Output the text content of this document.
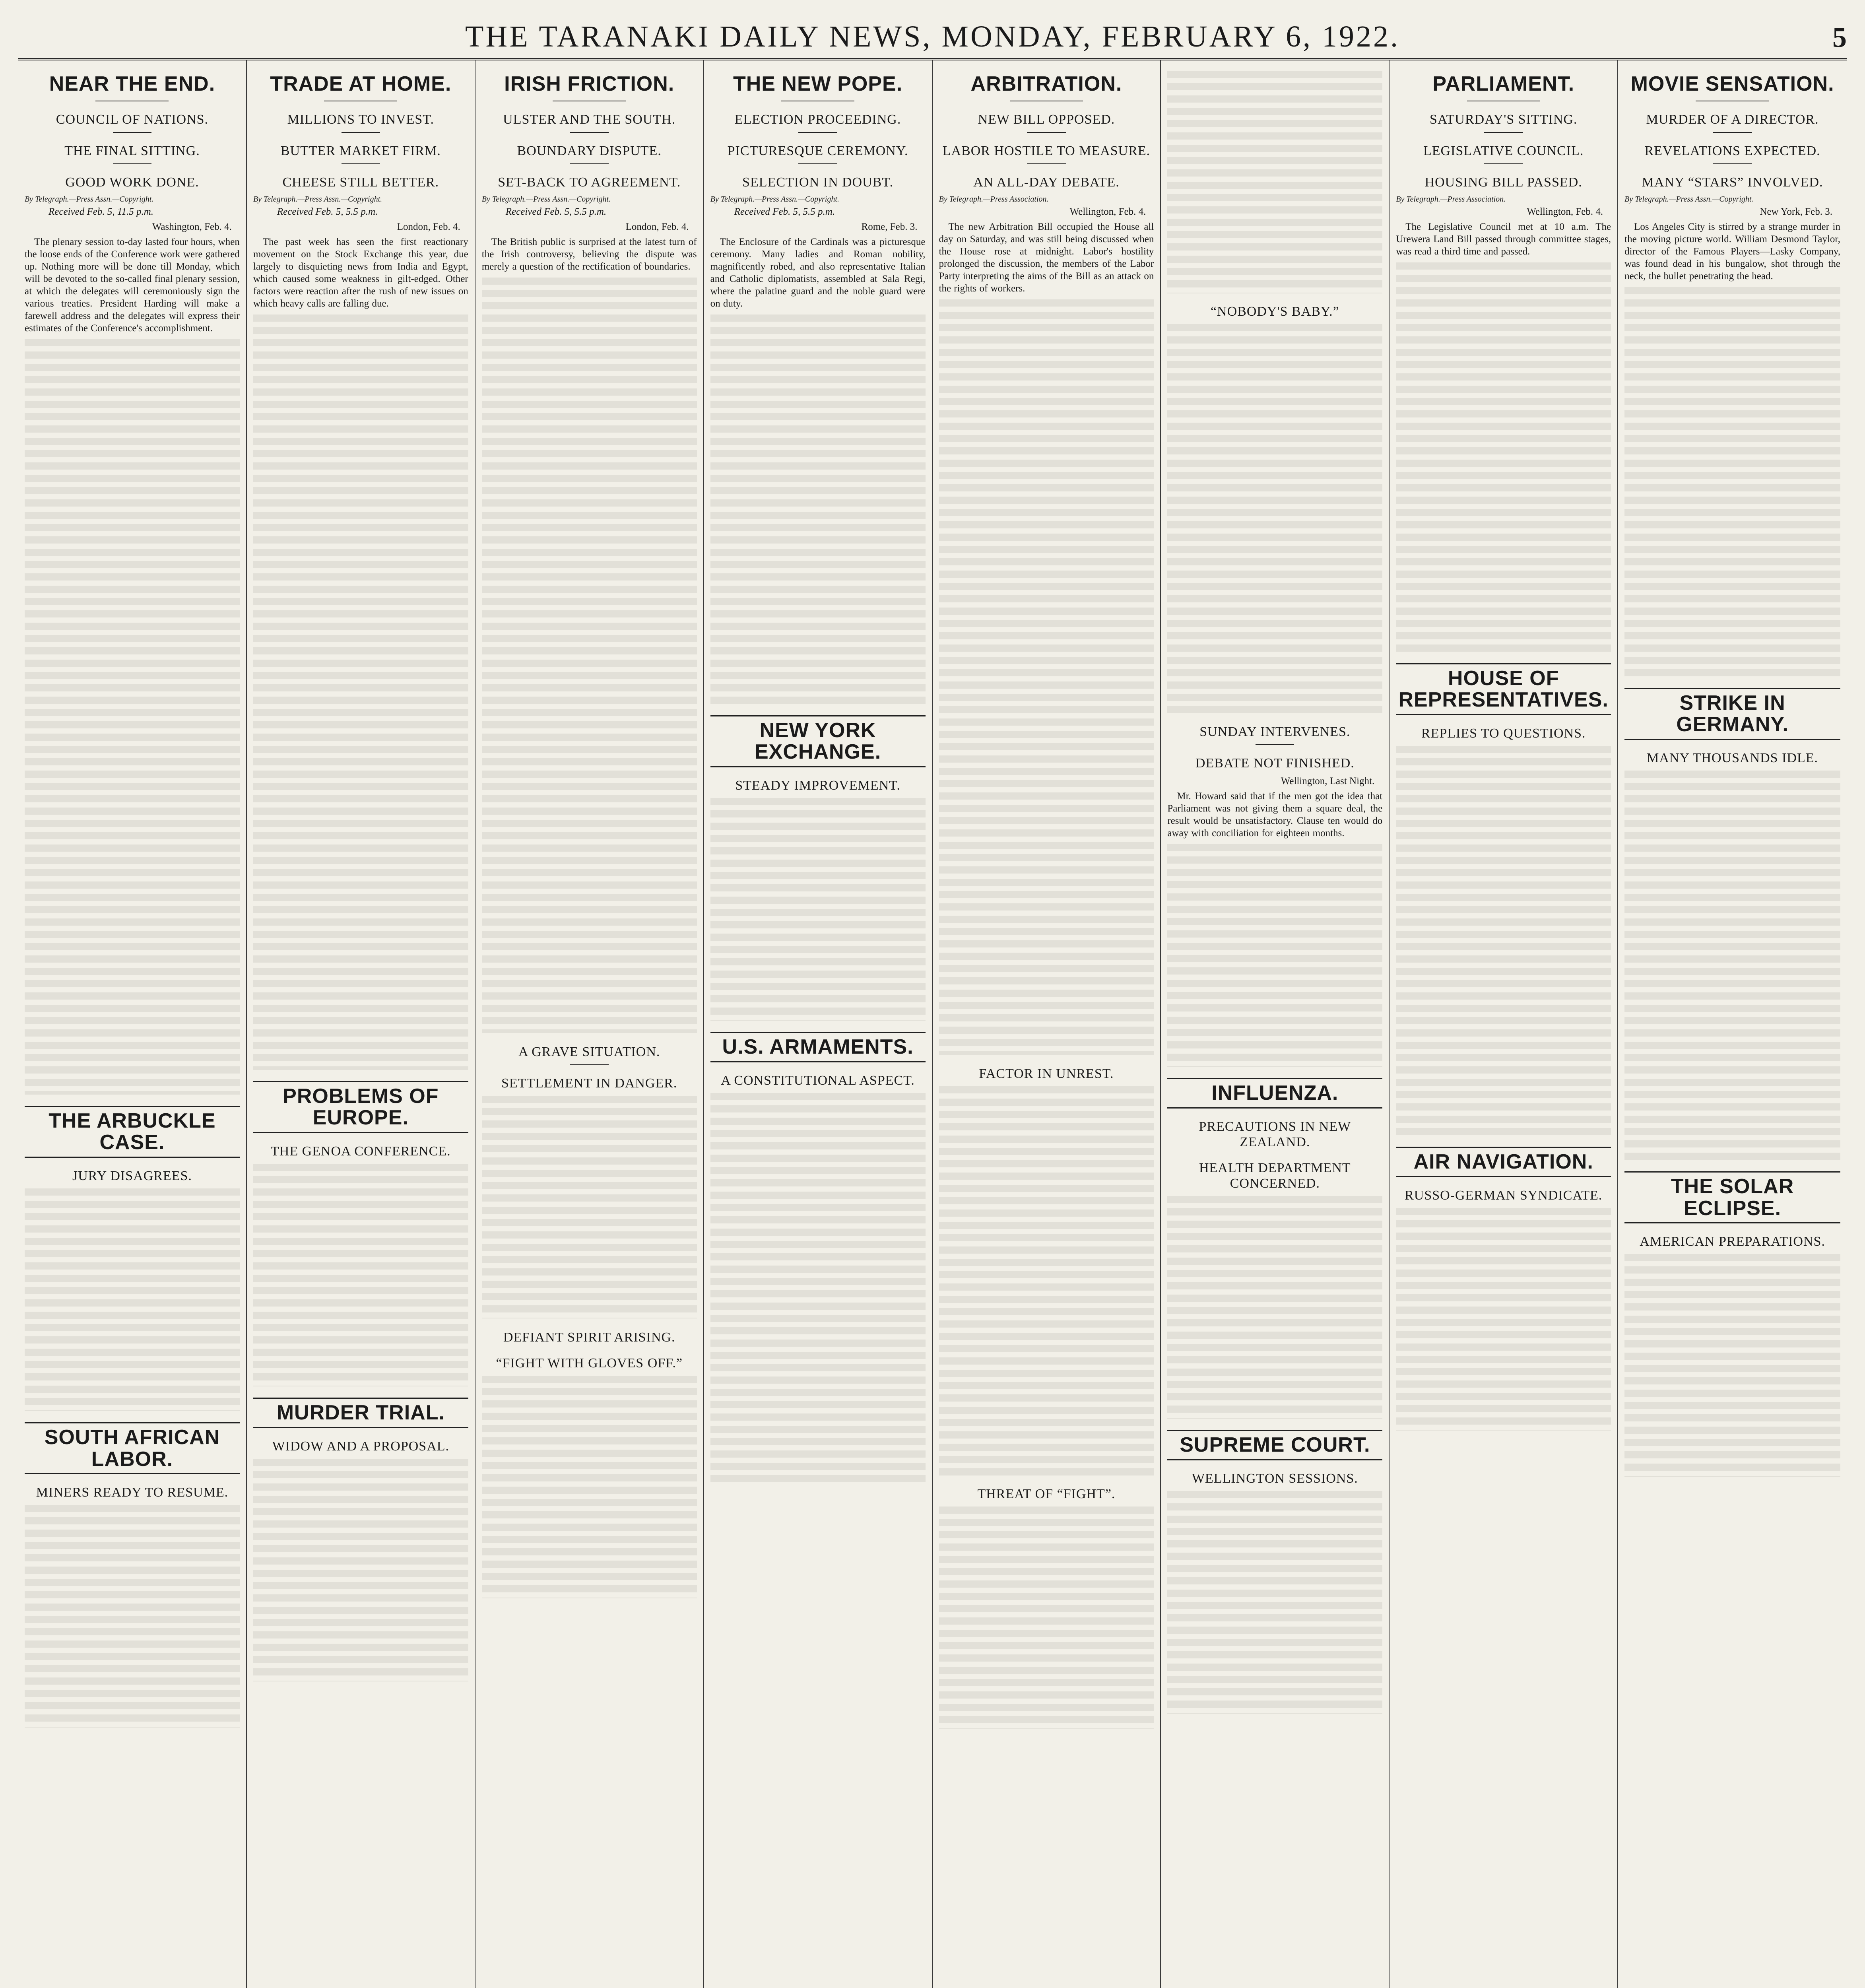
THE TARANAKI DAILY NEWS, MONDAY, FEBRUARY 6, 1922.	5
NEAR THE END.
COUNCIL OF NATIONS.
THE FINAL SITTING.
GOOD WORK DONE.
By Telegraph.—Press Assn.—Copyright.
Received Feb. 5, 11.5 p.m.
Washington, Feb. 4.

The plenary session to-day lasted four hours, when the loose ends of the Conference work were gathered up. Nothing more will be done till Monday, which will be devoted to the so-called final plenary session, at which the delegates will ceremoniously sign the various treaties. President Harding will make a farewell address and the delegates will express their estimates of the Conference's accomplishment.

THE ARBUCKLE CASE.
JURY DISAGREES.
SOUTH AFRICAN LABOR.
MINERS READY TO RESUME.
TRADE AT HOME.
MILLIONS TO INVEST.
BUTTER MARKET FIRM.
CHEESE STILL BETTER.
By Telegraph.—Press Assn.—Copyright.
Received Feb. 5, 5.5 p.m.
London, Feb. 4.

The past week has seen the first reactionary movement on the Stock Exchange this year, due largely to disquieting news from India and Egypt, which caused some weakness in gilt-edged. Other factors were reaction after the rush of new issues on which heavy calls are falling due.

PROBLEMS OF EUROPE.
THE GENOA CONFERENCE.
MURDER TRIAL.
WIDOW AND A PROPOSAL.
IRISH FRICTION.
ULSTER AND THE SOUTH.
BOUNDARY DISPUTE.
SET-BACK TO AGREEMENT.
By Telegraph.—Press Assn.—Copyright.
Received Feb. 5, 5.5 p.m.
London, Feb. 4.

The British public is surprised at the latest turn of the Irish controversy, believing the dispute was merely a question of the rectification of boundaries.

A GRAVE SITUATION.
SETTLEMENT IN DANGER.
DEFIANT SPIRIT ARISING.
“FIGHT WITH GLOVES OFF.”
THE NEW POPE.
ELECTION PROCEEDING.
PICTURESQUE CEREMONY.
SELECTION IN DOUBT.
By Telegraph.—Press Assn.—Copyright.
Received Feb. 5, 5.5 p.m.
Rome, Feb. 3.

The Enclosure of the Cardinals was a picturesque ceremony. Many ladies and Roman nobility, magnificently robed, and also representative Italian and Catholic diplomatists, assembled at Sala Regi, where the palatine guard and the noble guard were on duty.

NEW YORK EXCHANGE.
STEADY IMPROVEMENT.
U.S. ARMAMENTS.
A CONSTITUTIONAL ASPECT.
ARBITRATION.
NEW BILL OPPOSED.
LABOR HOSTILE TO MEASURE.
AN ALL-DAY DEBATE.
By Telegraph.—Press Association.
Wellington, Feb. 4.

The new Arbitration Bill occupied the House all day on Saturday, and was still being discussed when the House rose at midnight. Labor's hostility prolonged the discussion, the members of the Labor Party interpreting the aims of the Bill as an attack on the rights of workers.

FACTOR IN UNREST.
THREAT OF “FIGHT”.
“NOBODY'S BABY.”
SUNDAY INTERVENES.
DEBATE NOT FINISHED.
Wellington, Last Night.

Mr. Howard said that if the men got the idea that Parliament was not giving them a square deal, the result would be unsatisfactory. Clause ten would do away with conciliation for eighteen months.

INFLUENZA.
PRECAUTIONS IN NEW ZEALAND.
HEALTH DEPARTMENT CONCERNED.
SUPREME COURT.
WELLINGTON SESSIONS.
PARLIAMENT.
SATURDAY'S SITTING.
LEGISLATIVE COUNCIL.
HOUSING BILL PASSED.
By Telegraph.—Press Association.
Wellington, Feb. 4.

The Legislative Council met at 10 a.m. The Urewera Land Bill passed through committee stages, was read a third time and passed.

HOUSE OF REPRESENTATIVES.
REPLIES TO QUESTIONS.
AIR NAVIGATION.
RUSSO-GERMAN SYNDICATE.
MOVIE SENSATION.
MURDER OF A DIRECTOR.
REVELATIONS EXPECTED.
MANY “STARS” INVOLVED.
By Telegraph.—Press Assn.—Copyright.
New York, Feb. 3.

Los Angeles City is stirred by a strange murder in the moving picture world. William Desmond Taylor, director of the Famous Players—Lasky Company, was found dead in his bungalow, shot through the neck, the bullet penetrating the head.

STRIKE IN GERMANY.
MANY THOUSANDS IDLE.
THE SOLAR ECLIPSE.
AMERICAN PREPARATIONS.
